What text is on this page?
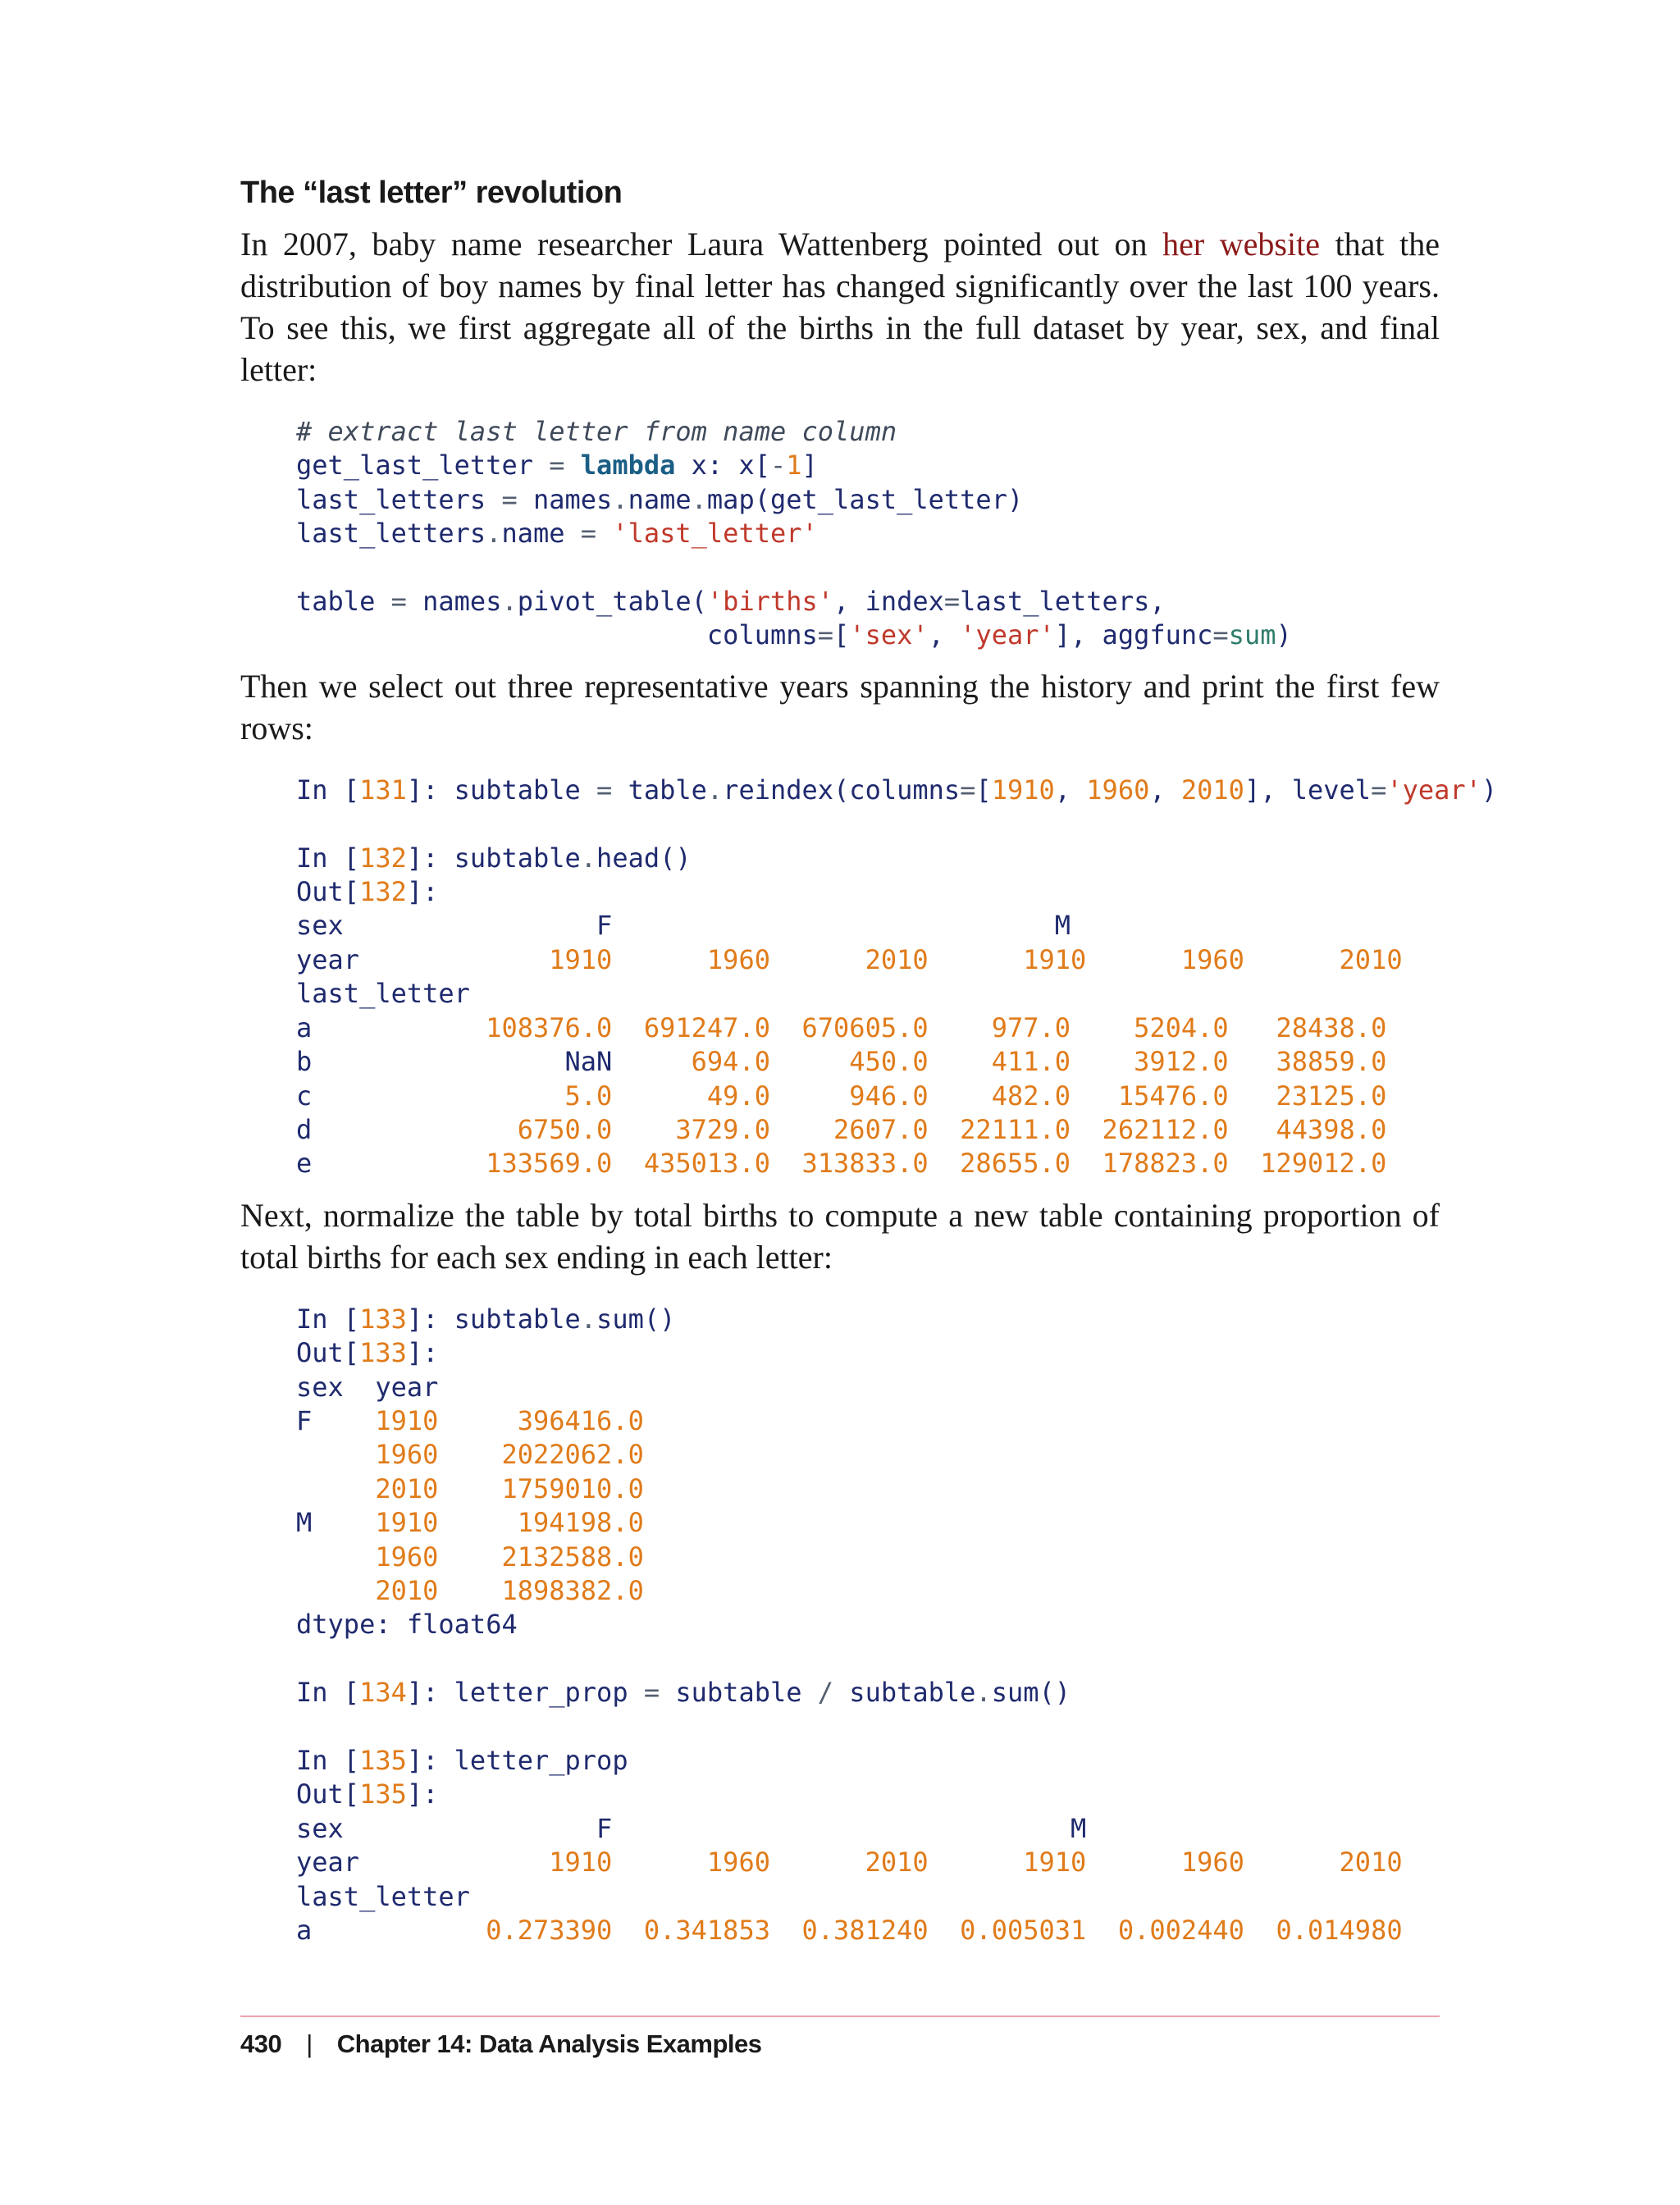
The “last letter” revolution

In 2007, baby name researcher Laura Wattenberg pointed out on her website that the distribution of boy names by final letter has changed significantly over the last 100 years. To see this, we first aggregate all of the births in the full dataset by year, sex, and final letter:

# extract last letter from name column
get_last_letter = lambda x: x[-1]
last_letters = names.name.map(get_last_letter)
last_letters.name = 'last_letter'

table = names.pivot_table('births', index=last_letters,
columns=['sex', 'year'], aggfunc=sum)

Then we select out three representative years spanning the history and print the first few rows:

In [131]: subtable = table.reindex(columns=[1910, 1960, 2010], level='year')

In [132]: subtable.head()
Out[132]:
sex	F	M
year	1910	1960	2010	1910	1960	2010
last_letter
a	108376.0 691247.0 670605.0 977.0 5204.0 28438.0
b	NaN	694.0	450.0 411.0 3912.0 38859.0
c	5.0	49.0	946.0 482.0 15476.0 23125.0
d	6750.0 3729.0 2607.0 22111.0 262112.0 44398.0
e	133569.0 435013.0 313833.0 28655.0 178823.0 129012.0

Next, normalize the table by total births to compute a new table containing proportion of total births for each sex ending in each letter:

In [133]: subtable.sum()
Out[133]:
sex year
F 1910	396416.0
1960 2022062.0
2010 1759010.0
M 1910	194198.0
1960 2132588.0
2010 1898382.0
dtype: float64

In [134]: letter_prop = subtable / subtable.sum()

In [135]: letter_prop
Out[135]:
sex	F	M
year	1910	1960	2010	1910	1960	2010
last_letter
a	0.273390 0.341853 0.381240 0.005031 0.002440 0.014980
430 | Chapter 14: Data Analysis Examples
